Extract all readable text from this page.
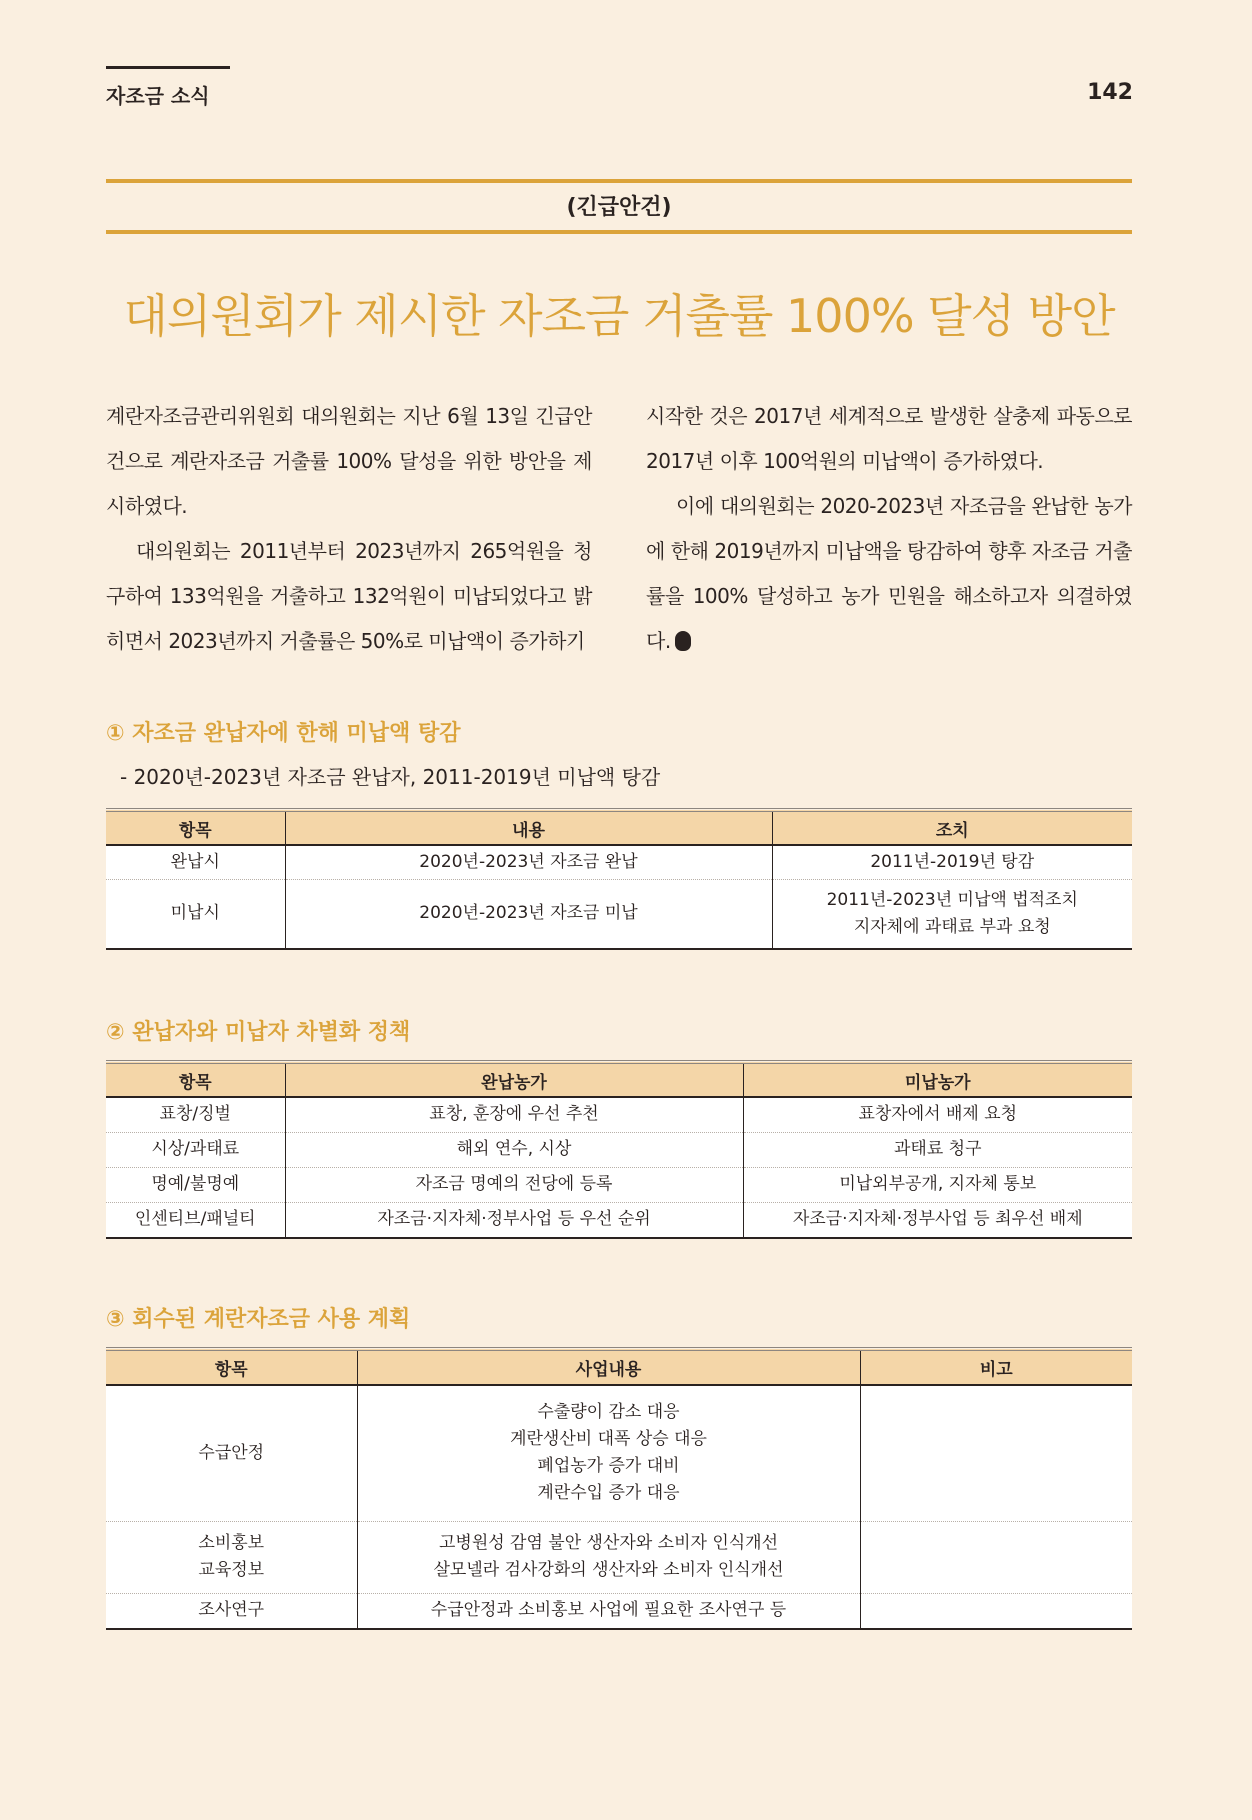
자조금 소식	142
(긴급안건)
대의원회가 제시한 자조금 거출률 100% 달성 방안

계란자조금관리위원회 대의원회는 지난 6월 13일 긴급안건으로 계란자조금 거출률 100% 달성을 위한 방안을 제시하였다.

대의원회는 2011년부터 2023년까지 265억원을 청구하여 133억원을 거출하고 132억원이 미납되었다고 밝히면서 2023년까지 거출률은 50%로 미납액이 증가하기

시작한 것은 2017년 세계적으로 발생한 살충제 파동으로 2017년 이후 100억원의 미납액이 증가하였다.

이에 대의원회는 2020-2023년 자조금을 완납한 농가에 한해 2019년까지 미납액을 탕감하여 향후 자조금 거출률을 100% 달성하고 농가 민원을 해소하고자 의결하였다.

① 자조금 완납자에 한해 미납액 탕감
- 2020년-2023년 자조금 완납자, 2011-2019년 미납액 탕감
항목	내용	조치
완납시	2020년-2023년 자조금 완납	2011년-2019년 탕감
미납시	2020년-2023년 자조금 미납	2011년-2023년 미납액 법적조치
지자체에 과태료 부과 요청
② 완납자와 미납자 차별화 정책
항목	완납농가	미납농가
표창/징벌	표창, 훈장에 우선 추천	표창자에서 배제 요청
시상/과태료	해외 연수, 시상	과태료 청구
명예/불명예	자조금 명예의 전당에 등록	미납외부공개, 지자체 통보
인센티브/패널티	자조금·지자체·정부사업 등 우선 순위	자조금·지자체·정부사업 등 최우선 배제
③ 회수된 계란자조금 사용 계획
항목	사업내용	비고
수급안정	수출량이 감소 대응
계란생산비 대폭 상승 대응
폐업농가 증가 대비
계란수입 증가 대응	

소비홍보
교육정보	고병원성 감염 불안 생산자와 소비자 인식개선
살모넬라 검사강화의 생산자와 소비자 인식개선	

조사연구	수급안정과 소비홍보 사업에 필요한 조사연구 등	
